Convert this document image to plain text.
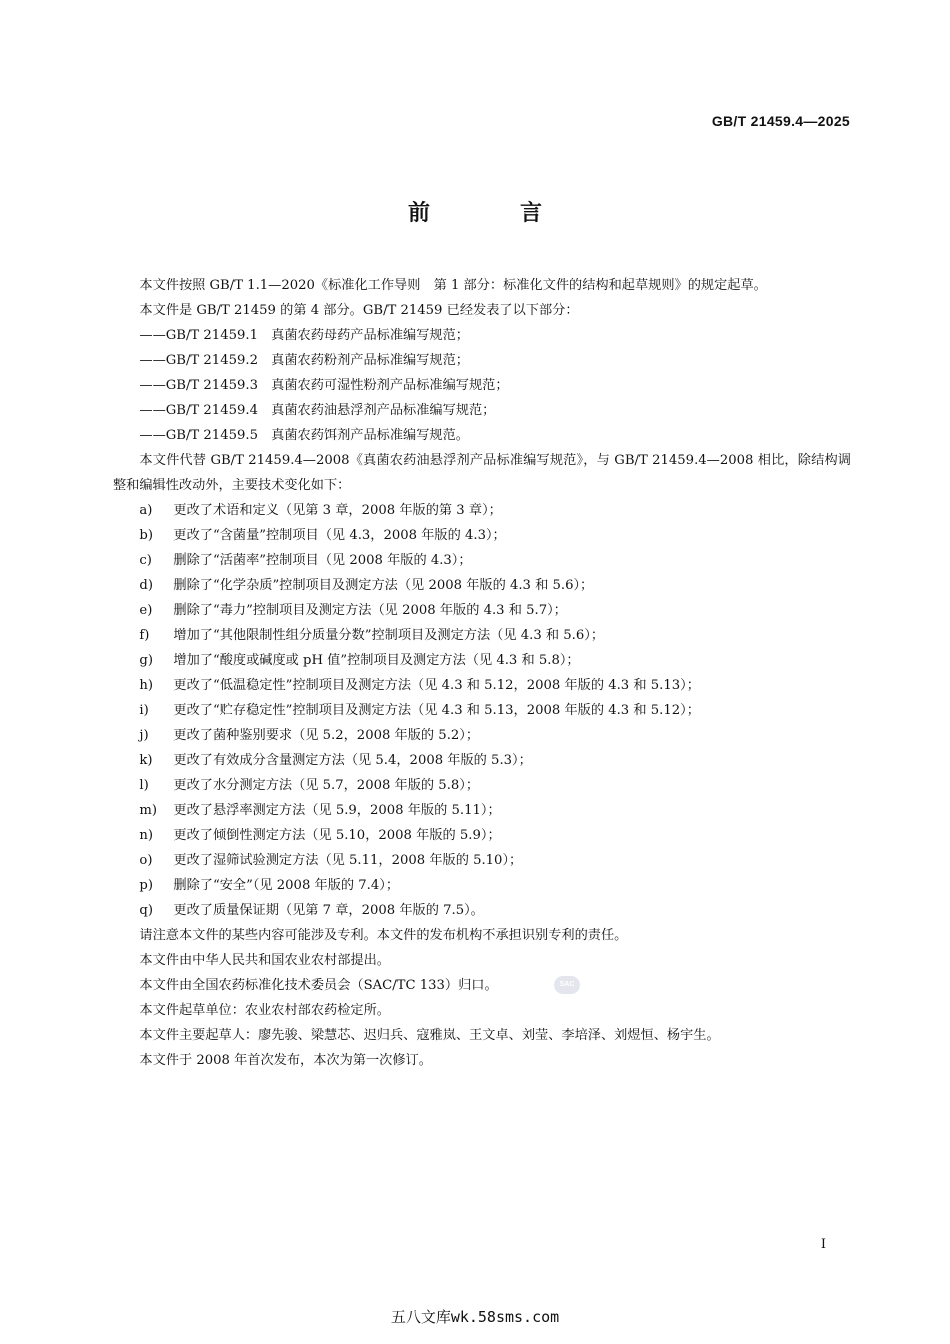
GB/T 21459.4—2025
前　言

本文件按照 GB/T 1.1—2020《标准化工作导则　第 1 部分：标准化文件的结构和起草规则》的规定起草。

本文件是 GB/T 21459 的第 4 部分。GB/T 21459 已经发表了以下部分：

——GB/T 21459.1　真菌农药母药产品标准编写规范；
——GB/T 21459.2　真菌农药粉剂产品标准编写规范；
——GB/T 21459.3　真菌农药可湿性粉剂产品标准编写规范；
——GB/T 21459.4　真菌农药油悬浮剂产品标准编写规范；
——GB/T 21459.5　真菌农药饵剂产品标准编写规范。

本文件代替 GB/T 21459.4—2008《真菌农药油悬浮剂产品标准编写规范》，与 GB/T 21459.4—2008 相比，除结构调整和编辑性改动外，主要技术变化如下：

a) 更改了术语和定义（见第 3 章，2008 年版的第 3 章）；
b) 更改了“含菌量”控制项目（见 4.3，2008 年版的 4.3）；
c) 删除了“活菌率”控制项目（见 2008 年版的 4.3）；
d) 删除了“化学杂质”控制项目及测定方法（见 2008 年版的 4.3 和 5.6）；
e) 删除了“毒力”控制项目及测定方法（见 2008 年版的 4.3 和 5.7）；
f) 增加了“其他限制性组分质量分数”控制项目及测定方法（见 4.3 和 5.6）；
g) 增加了“酸度或碱度或 pH 值”控制项目及测定方法（见 4.3 和 5.8）；
h) 更改了“低温稳定性”控制项目及测定方法（见 4.3 和 5.12，2008 年版的 4.3 和 5.13）；
i) 更改了“贮存稳定性”控制项目及测定方法（见 4.3 和 5.13，2008 年版的 4.3 和 5.12）；
j) 更改了菌种鉴别要求（见 5.2，2008 年版的 5.2）；
k) 更改了有效成分含量测定方法（见 5.4，2008 年版的 5.3）；
l) 更改了水分测定方法（见 5.7，2008 年版的 5.8）；
m) 更改了悬浮率测定方法（见 5.9，2008 年版的 5.11）；
n) 更改了倾倒性测定方法（见 5.10，2008 年版的 5.9）；
o) 更改了湿筛试验测定方法（见 5.11，2008 年版的 5.10）；
p) 删除了“安全”（见 2008 年版的 7.4）；
q) 更改了质量保证期（见第 7 章，2008 年版的 7.5）。

请注意本文件的某些内容可能涉及专利。本文件的发布机构不承担识别专利的责任。

本文件由中华人民共和国农业农村部提出。

本文件由全国农药标准化技术委员会（SAC/TC 133）归口。

本文件起草单位：农业农村部农药检定所。

本文件主要起草人：廖先骏、梁慧芯、迟归兵、寇雅岚、王文卓、刘莹、李培泽、刘煜恒、杨宇生。

本文件于 2008 年首次发布，本次为第一次修订。

SAC
I
五八文库wk.58sms.com
